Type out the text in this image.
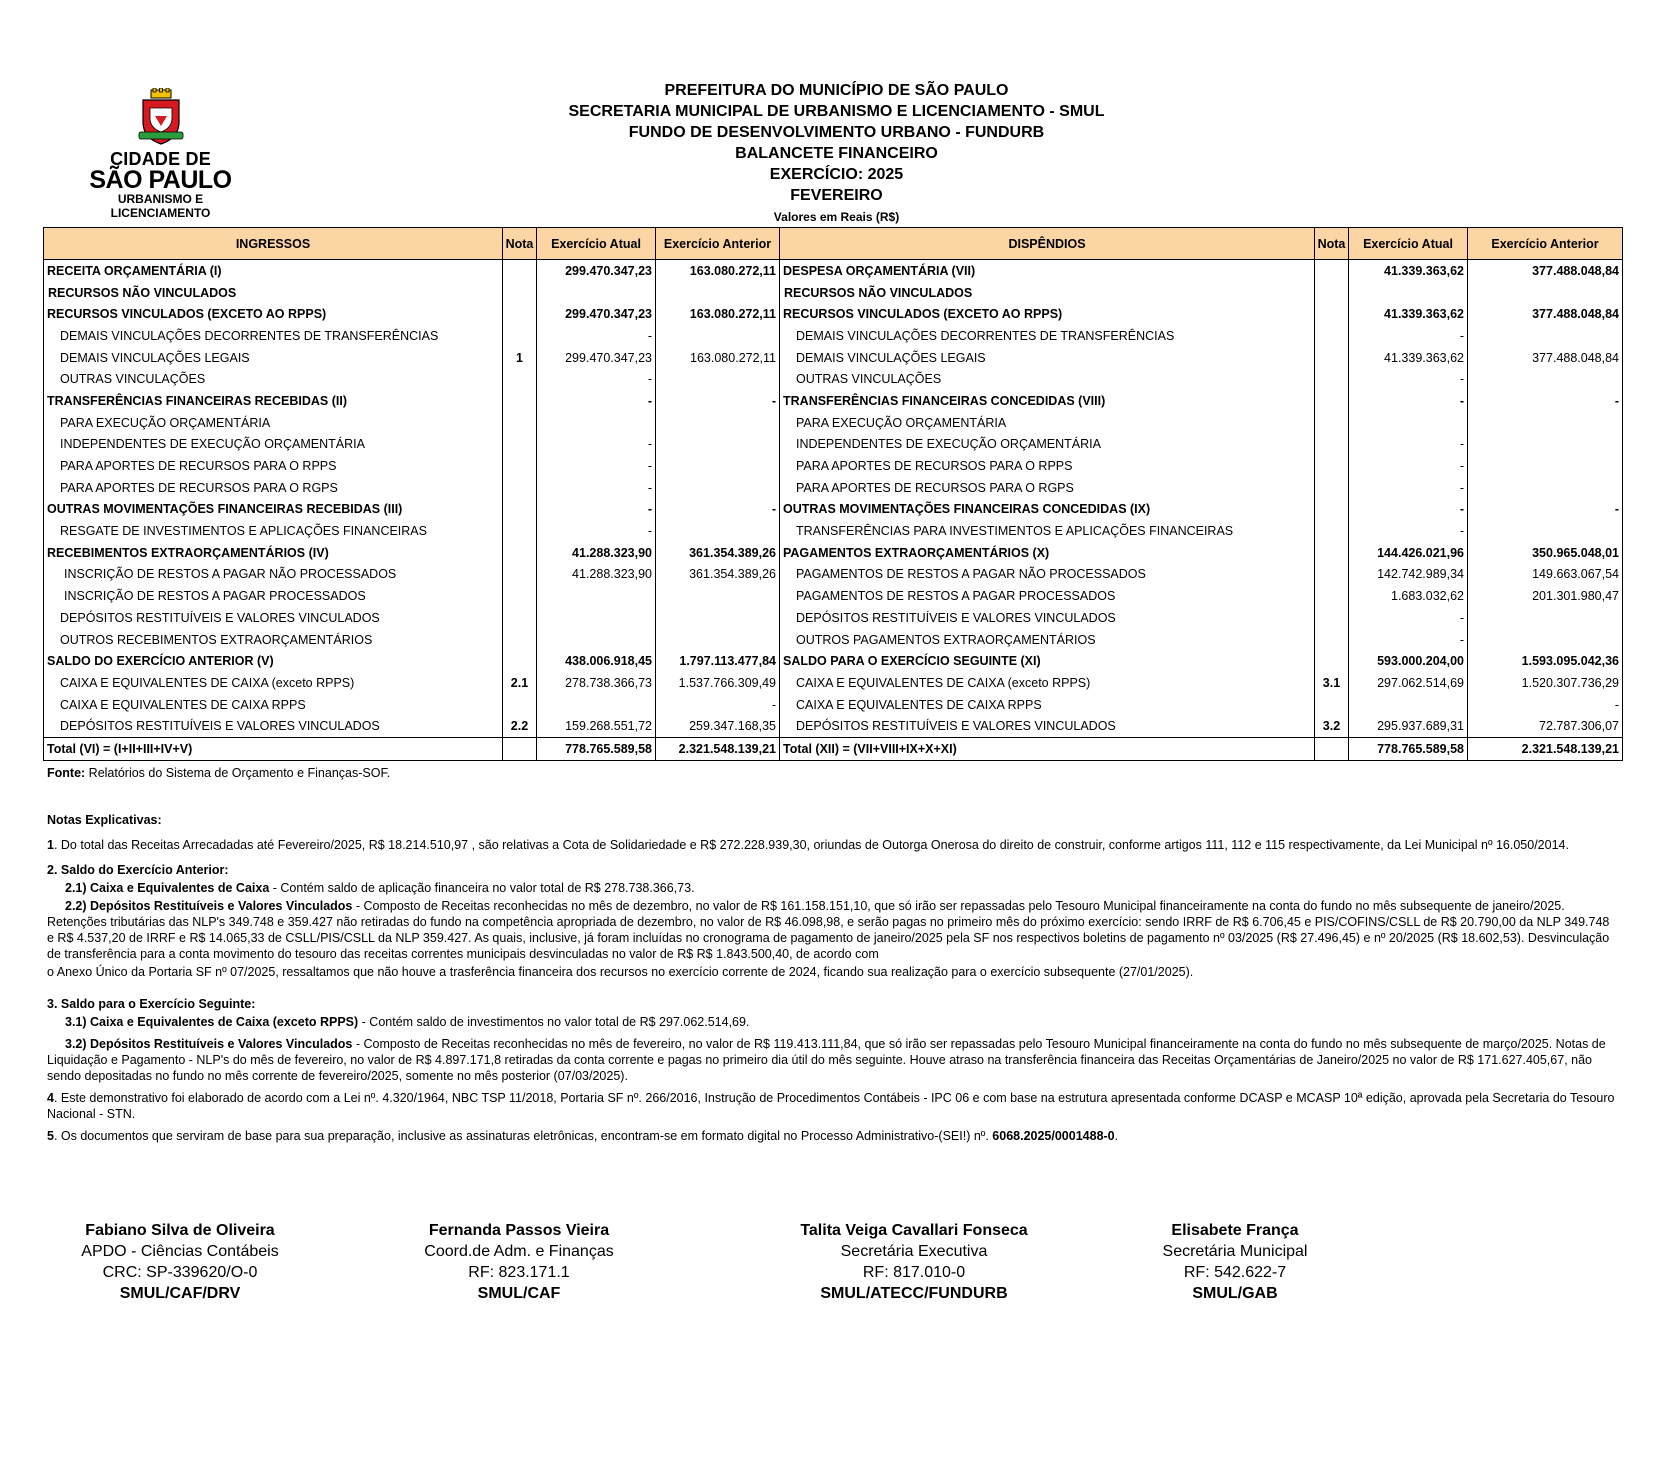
CIDADE DE
SÃO PAULO
URBANISMO E
LICENCIAMENTO
PREFEITURA DO MUNICÍPIO DE SÃO PAULO
SECRETARIA MUNICIPAL DE URBANISMO E LICENCIAMENTO - SMUL
FUNDO DE DESENVOLVIMENTO URBANO - FUNDURB
BALANCETE FINANCEIRO
EXERCÍCIO: 2025
FEVEREIRO
Valores em Reais (R$)
INGRESSOS	Nota	Exercício Atual	Exercício Anterior	DISPÊNDIOS	Nota	Exercício Atual	Exercício Anterior
RECEITA ORÇAMENTÁRIA (I)		299.470.347,23	163.080.272,11	DESPESA ORÇAMENTÁRIA (VII)		41.339.363,62	377.488.048,84
RECURSOS NÃO VINCULADOS				RECURSOS NÃO VINCULADOS			
RECURSOS VINCULADOS (EXCETO AO RPPS)		299.470.347,23	163.080.272,11	RECURSOS VINCULADOS (EXCETO AO RPPS)		41.339.363,62	377.488.048,84
DEMAIS VINCULAÇÕES DECORRENTES DE TRANSFERÊNCIAS		-		DEMAIS VINCULAÇÕES DECORRENTES DE TRANSFERÊNCIAS		-	
DEMAIS VINCULAÇÕES LEGAIS	1	299.470.347,23	163.080.272,11	DEMAIS VINCULAÇÕES LEGAIS		41.339.363,62	377.488.048,84
OUTRAS VINCULAÇÕES		-		OUTRAS VINCULAÇÕES		-	
TRANSFERÊNCIAS FINANCEIRAS RECEBIDAS (II)		-	-	TRANSFERÊNCIAS FINANCEIRAS CONCEDIDAS (VIII)		-	-
PARA EXECUÇÃO ORÇAMENTÁRIA				PARA EXECUÇÃO ORÇAMENTÁRIA			
INDEPENDENTES DE EXECUÇÃO ORÇAMENTÁRIA		-		INDEPENDENTES DE EXECUÇÃO ORÇAMENTÁRIA		-	
PARA APORTES DE RECURSOS PARA O RPPS		-		PARA APORTES DE RECURSOS PARA O RPPS		-	
PARA APORTES DE RECURSOS PARA O RGPS		-		PARA APORTES DE RECURSOS PARA O RGPS		-	
OUTRAS MOVIMENTAÇÕES FINANCEIRAS RECEBIDAS (III)		-	-	OUTRAS MOVIMENTAÇÕES FINANCEIRAS CONCEDIDAS (IX)		-	-
RESGATE DE INVESTIMENTOS E APLICAÇÕES FINANCEIRAS		-		TRANSFERÊNCIAS PARA INVESTIMENTOS E APLICAÇÕES FINANCEIRAS		-	
RECEBIMENTOS EXTRAORÇAMENTÁRIOS (IV)		41.288.323,90	361.354.389,26	PAGAMENTOS EXTRAORÇAMENTÁRIOS (X)		144.426.021,96	350.965.048,01
INSCRIÇÃO DE RESTOS A PAGAR NÃO PROCESSADOS		41.288.323,90	361.354.389,26	PAGAMENTOS DE RESTOS A PAGAR NÃO PROCESSADOS		142.742.989,34	149.663.067,54
INSCRIÇÃO DE RESTOS A PAGAR PROCESSADOS				PAGAMENTOS DE RESTOS A PAGAR PROCESSADOS		1.683.032,62	201.301.980,47
DEPÓSITOS RESTITUÍVEIS E VALORES VINCULADOS				DEPÓSITOS RESTITUÍVEIS E VALORES VINCULADOS		-	
OUTROS RECEBIMENTOS EXTRAORÇAMENTÁRIOS				OUTROS PAGAMENTOS EXTRAORÇAMENTÁRIOS		-	
SALDO DO EXERCÍCIO ANTERIOR (V)		438.006.918,45	1.797.113.477,84	SALDO PARA O EXERCÍCIO SEGUINTE (XI)		593.000.204,00	1.593.095.042,36
CAIXA E EQUIVALENTES DE CAIXA (exceto RPPS)	2.1	278.738.366,73	1.537.766.309,49	CAIXA E EQUIVALENTES DE CAIXA (exceto RPPS)	3.1	297.062.514,69	1.520.307.736,29
CAIXA E EQUIVALENTES DE CAIXA RPPS			-	CAIXA E EQUIVALENTES DE CAIXA RPPS			-
DEPÓSITOS RESTITUÍVEIS E VALORES VINCULADOS	2.2	159.268.551,72	259.347.168,35	DEPÓSITOS RESTITUÍVEIS E VALORES VINCULADOS	3.2	295.937.689,31	72.787.306,07
Total (VI) = (I+II+III+IV+V)		778.765.589,58	2.321.548.139,21	Total (XII) = (VII+VIII+IX+X+XI)		778.765.589,58	2.321.548.139,21
Fonte: Relatórios do Sistema de Orçamento e Finanças-SOF.

Notas Explicativas:

1. Do total das Receitas Arrecadadas até Fevereiro/2025, R$ 18.214.510,97 , são relativas a Cota de Solidariedade e R$ 272.228.939,30, oriundas de Outorga Onerosa do direito de construir, conforme artigos 111, 112 e 115 respectivamente, da Lei Municipal nº 16.050/2014.

2. Saldo do Exercício Anterior:

2.1) Caixa e Equivalentes de Caixa - Contém saldo de aplicação financeira no valor total de R$ 278.738.366,73.

2.2) Depósitos Restituíveis e Valores Vinculados - Composto de Receitas reconhecidas no mês de dezembro, no valor de R$ 161.158.151,10, que só irão ser repassadas pelo Tesouro Municipal financeiramente na conta do fundo no mês subsequente de janeiro/2025. Retenções tributárias das NLP's 349.748 e 359.427 não retiradas do fundo na competência apropriada de dezembro, no valor de R$ 46.098,98, e serão pagas no primeiro mês do próximo exercício: sendo IRRF de R$ 6.706,45 e PIS/COFINS/CSLL de R$ 20.790,00 da NLP 349.748 e R$ 4.537,20 de IRRF e R$ 14.065,33 de CSLL/PIS/CSLL da NLP 359.427. As quais, inclusive, já foram incluídas no cronograma de pagamento de janeiro/2025 pela SF nos respectivos boletins de pagamento nº 03/2025 (R$ 27.496,45) e nº 20/2025 (R$ 18.602,53). Desvinculação de transferência para a conta movimento do tesouro das receitas correntes municipais desvinculadas no valor de R$ R$ 1.843.500,40, de acordo com

o Anexo Único da Portaria SF nº 07/2025, ressaltamos que não houve a trasferência financeira dos recursos no exercício corrente de 2024, ficando sua realização para o exercício subsequente (27/01/2025).

3. Saldo para o Exercício Seguinte:

3.1) Caixa e Equivalentes de Caixa (exceto RPPS) - Contém saldo de investimentos no valor total de R$ 297.062.514,69.

3.2) Depósitos Restituíveis e Valores Vinculados - Composto de Receitas reconhecidas no mês de fevereiro, no valor de R$ 119.413.111,84, que só irão ser repassadas pelo Tesouro Municipal financeiramente na conta do fundo no mês subsequente de março/2025. Notas de Liquidação e Pagamento - NLP's do mês de fevereiro, no valor de R$ 4.897.171,8 retiradas da conta corrente e pagas no primeiro dia útil do mês seguinte. Houve atraso na transferência financeira das Receitas Orçamentárias de Janeiro/2025 no valor de R$ 171.627.405,67, não sendo depositadas no fundo no mês corrente de fevereiro/2025, somente no mês posterior (07/03/2025).

4. Este demonstrativo foi elaborado de acordo com a Lei nº. 4.320/1964, NBC TSP 11/2018, Portaria SF nº. 266/2016, Instrução de Procedimentos Contábeis - IPC 06 e com base na estrutura apresentada conforme DCASP e MCASP 10ª edição, aprovada pela Secretaria do Tesouro Nacional - STN.

5. Os documentos que serviram de base para sua preparação, inclusive as assinaturas eletrônicas, encontram-se em formato digital no Processo Administrativo-(SEI!) nº. 6068.2025/0001488-0.

Fabiano Silva de Oliveira
APDO - Ciências Contábeis
CRC: SP-339620/O-0
SMUL/CAF/DRV
Fernanda Passos Vieira
Coord.de Adm. e Finanças
RF: 823.171.1
SMUL/CAF
Talita Veiga Cavallari Fonseca
Secretária Executiva
RF: 817.010-0
SMUL/ATECC/FUNDURB
Elisabete França
Secretária Municipal
RF: 542.622-7
SMUL/GAB
